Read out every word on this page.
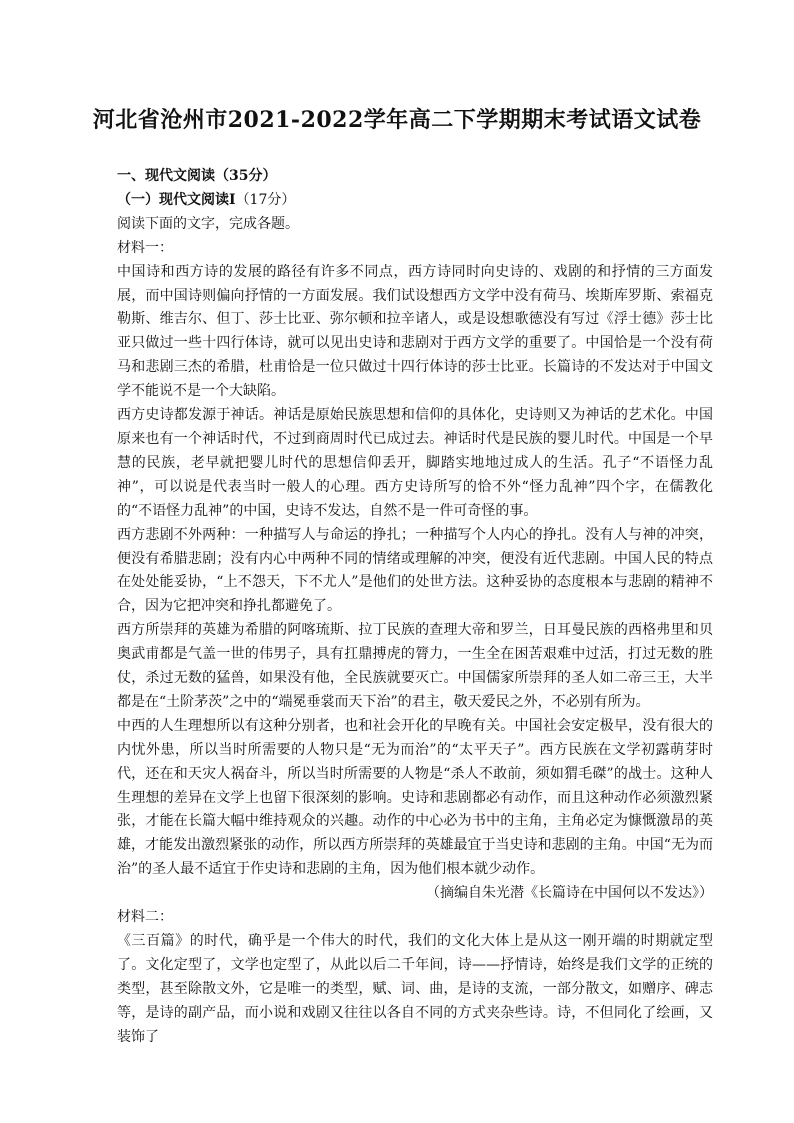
河北省沧州市2021-2022学年高二下学期期末考试语文试卷

一、现代文阅读（35分）

（一）现代文阅读Ⅰ（17分）

阅读下面的文字，完成各题。

材料一：

中国诗和西方诗的发展的路径有许多不同点，西方诗同时向史诗的、戏剧的和抒情的三方面发展，而中国诗则偏向抒情的一方面发展。我们试设想西方文学中没有荷马、埃斯库罗斯、索福克勒斯、维吉尔、但丁、莎士比亚、弥尔顿和拉辛诸人，或是设想歌德没有写过《浮士德》莎士比亚只做过一些十四行体诗，就可以见出史诗和悲剧对于西方文学的重要了。中国恰是一个没有荷马和悲剧三杰的希腊，杜甫恰是一位只做过十四行体诗的莎士比亚。长篇诗的不发达对于中国文学不能说不是一个大缺陷。

西方史诗都发源于神话。神话是原始民族思想和信仰的具体化，史诗则又为神话的艺术化。中国原来也有一个神话时代，不过到商周时代已成过去。神话时代是民族的婴儿时代。中国是一个早慧的民族，老早就把婴儿时代的思想信仰丢开，脚踏实地地过成人的生活。孔子“不语怪力乱神”，可以说是代表当时一般人的心理。西方史诗所写的恰不外“怪力乱神”四个字，在儒教化的“不语怪力乱神”的中国，史诗不发达，自然不是一件可奇怪的事。

西方悲剧不外两种：一种描写人与命运的挣扎；一种描写个人内心的挣扎。没有人与神的冲突，便没有希腊悲剧；没有内心中两种不同的情绪或理解的冲突，便没有近代悲剧。中国人民的特点在处处能妥协，“上不怨天，下不尤人”是他们的处世方法。这种妥协的态度根本与悲剧的精神不合，因为它把冲突和挣扎都避免了。

西方所崇拜的英雄为希腊的阿喀琉斯、拉丁民族的查理大帝和罗兰，日耳曼民族的西格弗里和贝奥武甫都是气盖一世的伟男子，具有扛鼎搏虎的膂力，一生全在困苦艰难中过活，打过无数的胜仗，杀过无数的猛兽，如果没有他，全民族就要灭亡。中国儒家所崇拜的圣人如二帝三王，大半都是在“土阶茅茨”之中的“端冕垂裳而天下治”的君主，敬天爱民之外，不必别有所为。

中西的人生理想所以有这种分别者，也和社会开化的早晚有关。中国社会安定极早，没有很大的内忧外患，所以当时所需要的人物只是“无为而治”的“太平天子”。西方民族在文学初露萌芽时代，还在和天灾人祸奋斗，所以当时所需要的人物是“杀人不敢前，须如猬毛磔”的战士。这种人生理想的差异在文学上也留下很深刻的影响。史诗和悲剧都必有动作，而且这种动作必须激烈紧张，才能在长篇大幅中维持观众的兴趣。动作的中心必为书中的主角，主角必定为慷慨激昂的英雄，才能发出激烈紧张的动作，所以西方所崇拜的英雄最宜于当史诗和悲剧的主角。中国“无为而治”的圣人最不适宜于作史诗和悲剧的主角，因为他们根本就少动作。

（摘编自朱光潜《长篇诗在中国何以不发达》）

材料二：

《三百篇》的时代，确乎是一个伟大的时代，我们的文化大体上是从这一刚开端的时期就定型了。文化定型了，文学也定型了，从此以后二千年间，诗——抒情诗，始终是我们文学的正统的类型，甚至除散文外，它是唯一的类型，赋、词、曲，是诗的支流，一部分散文，如赠序、碑志等，是诗的副产品，而小说和戏剧又往往以各自不同的方式夹杂些诗。诗，不但同化了绘画，又装饰了
